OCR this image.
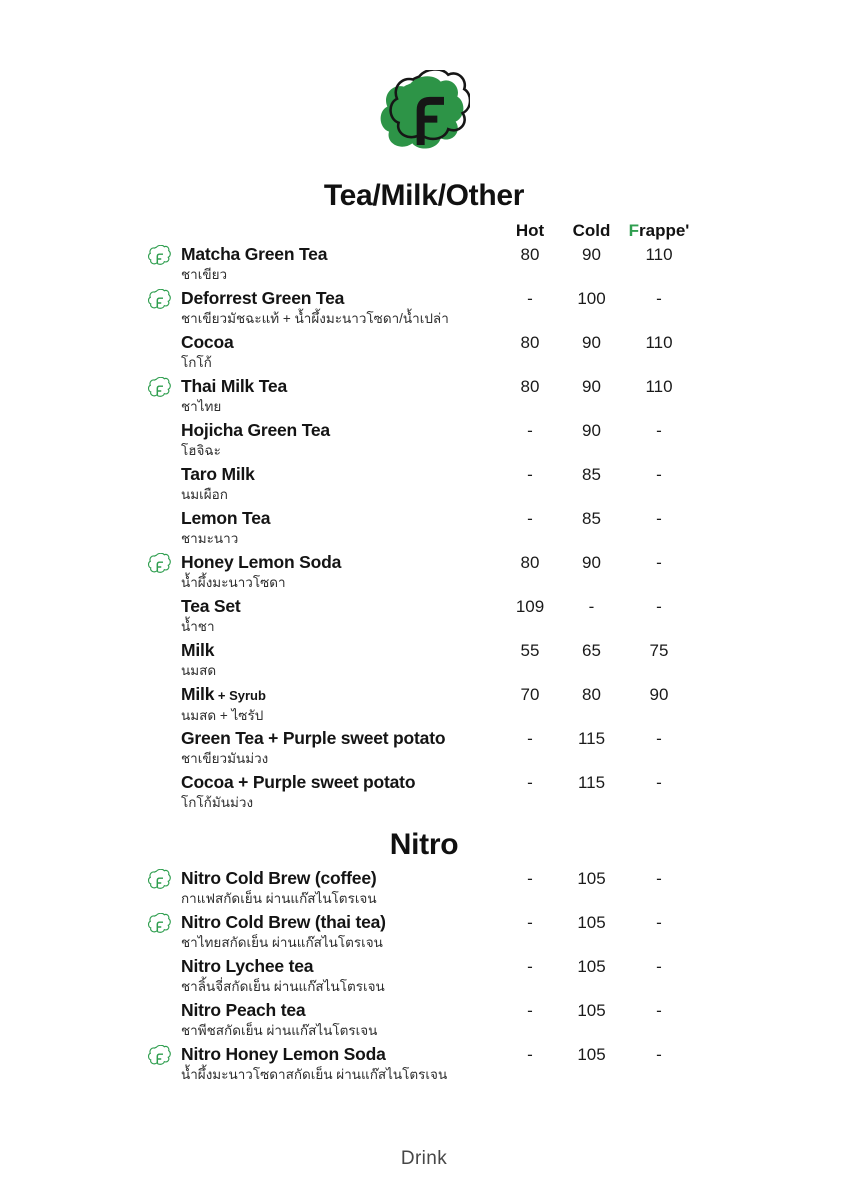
Tea/Milk/Other
Hot	Cold	Frappe'
Matcha Green Tea
ชาเขียว
80	90	110
Deforrest Green Tea
ชาเขียวมัชฉะแท้ + น้ำผึ้งมะนาวโซดา/น้ำเปล่า
-	100	-
Cocoa
โกโก้
80	90	110
Thai Milk Tea
ชาไทย
80	90	110
Hojicha Green Tea
โฮจิฉะ
-	90	-
Taro Milk
นมเผือก
-	85	-
Lemon Tea
ชามะนาว
-	85	-
Honey Lemon Soda
น้ำผึ้งมะนาวโซดา
80	90	-
Tea Set
น้ำชา
109	-	-
Milk
นมสด
55	65	75
Milk + Syrub
นมสด + ไซรัป
70	80	90
Green Tea + Purple sweet potato
ชาเขียวมันม่วง
-	115	-
Cocoa + Purple sweet potato
โกโก้มันม่วง
-	115	-
Nitro
Nitro Cold Brew (coffee)
กาแฟสกัดเย็น ผ่านแก๊สไนโตรเจน
-	105	-
Nitro Cold Brew (thai tea)
ชาไทยสกัดเย็น ผ่านแก๊สไนโตรเจน
-	105	-
Nitro Lychee tea
ชาลิ้นจี่สกัดเย็น ผ่านแก๊สไนโตรเจน
-	105	-
Nitro Peach tea
ชาพีชสกัดเย็น ผ่านแก๊สไนโตรเจน
-	105	-
Nitro Honey Lemon Soda
น้ำผึ้งมะนาวโซดาสกัดเย็น ผ่านแก๊สไนโตรเจน
-	105	-
Drink
